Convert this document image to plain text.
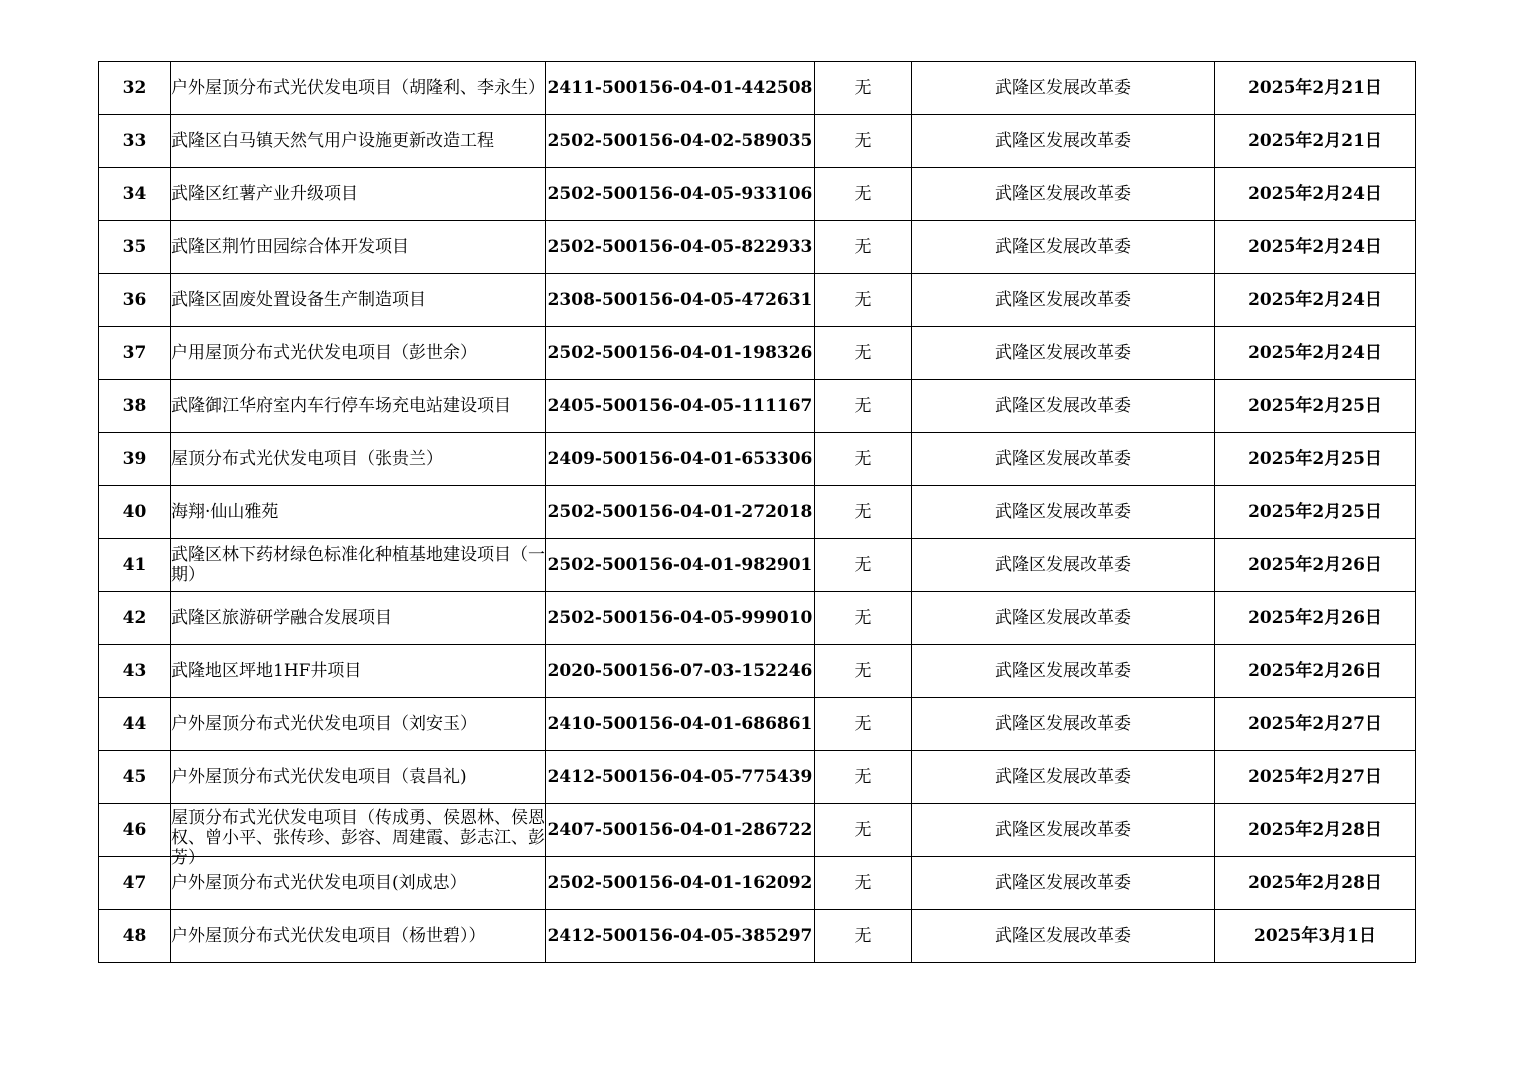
32	户外屋顶分布式光伏发电项目（胡隆利、李永生）	2411-500156-04-01-442508	无	武隆区发展改革委	2025年2月21日
33	武隆区白马镇天然气用户设施更新改造工程	2502-500156-04-02-589035	无	武隆区发展改革委	2025年2月21日
34	武隆区红薯产业升级项目	2502-500156-04-05-933106	无	武隆区发展改革委	2025年2月24日
35	武隆区荆竹田园综合体开发项目	2502-500156-04-05-822933	无	武隆区发展改革委	2025年2月24日
36	武隆区固废处置设备生产制造项目	2308-500156-04-05-472631	无	武隆区发展改革委	2025年2月24日
37	户用屋顶分布式光伏发电项目（彭世余）	2502-500156-04-01-198326	无	武隆区发展改革委	2025年2月24日
38	武隆御江华府室内车行停车场充电站建设项目	2405-500156-04-05-111167	无	武隆区发展改革委	2025年2月25日
39	屋顶分布式光伏发电项目（张贵兰）	2409-500156-04-01-653306	无	武隆区发展改革委	2025年2月25日
40	海翔·仙山雅苑	2502-500156-04-01-272018	无	武隆区发展改革委	2025年2月25日
41	武隆区林下药材绿色标准化种植基地建设项目（一期）	2502-500156-04-01-982901	无	武隆区发展改革委	2025年2月26日
42	武隆区旅游研学融合发展项目	2502-500156-04-05-999010	无	武隆区发展改革委	2025年2月26日
43	武隆地区坪地1HF井项目	2020-500156-07-03-152246	无	武隆区发展改革委	2025年2月26日
44	户外屋顶分布式光伏发电项目（刘安玉）	2410-500156-04-01-686861	无	武隆区发展改革委	2025年2月27日
45	户外屋顶分布式光伏发电项目（袁昌礼)	2412-500156-04-05-775439	无	武隆区发展改革委	2025年2月27日
46	屋顶分布式光伏发电项目（传成勇、侯恩林、侯恩权、曾小平、张传珍、彭容、周建霞、彭志江、彭芳）	2407-500156-04-01-286722	无	武隆区发展改革委	2025年2月28日
47	户外屋顶分布式光伏发电项目(刘成忠）	2502-500156-04-01-162092	无	武隆区发展改革委	2025年2月28日
48	户外屋顶分布式光伏发电项目（杨世碧））	2412-500156-04-05-385297	无	武隆区发展改革委	2025年3月1日
